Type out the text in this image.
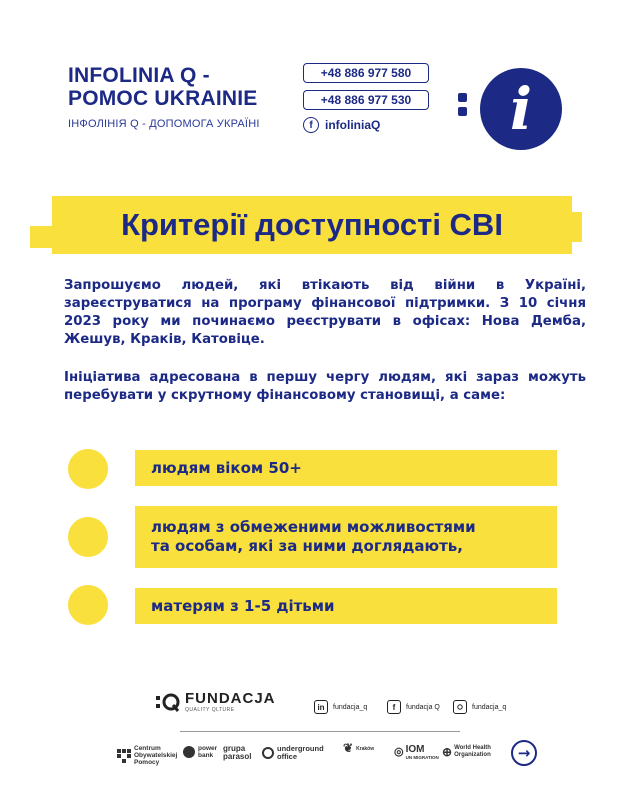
INFOLINIA Q -
POMOC UKRAINIE
ІНФОЛІНІЯ Q - ДОПОМОГА УКРАЇНІ
+48 886 977 580
+48 886 977 530
f	infoliniaQ i
Критерії доступності СВІ
Запрошуємо людей, які втікають від війни в Україні, зареєструватися на програму фінансової підтримки. З 10 січня 2023 року ми починаємо реєструвати в офісах: Нова Демба, Жешув, Краків, Катовіце.
Ініціатива адресована в першу чергу людям, які зараз можуть перебувати у скрутному фінансовому становищі, а саме:
людям віком 50+
людям з обмеженими можливостями
та особам, які за ними доглядають,
матерям з 1-5 дітьми
FUNDACJA
QUALITY QLTURE	in	fundacja_q	f	fundacja Q	fundacja_q
Centrum Obywatelskiej Pomocy
power bank
grupa parasol
underground office
❦ Kraków	◎ IOM
UN MIGRATION ⊕ World Health Organization	→
